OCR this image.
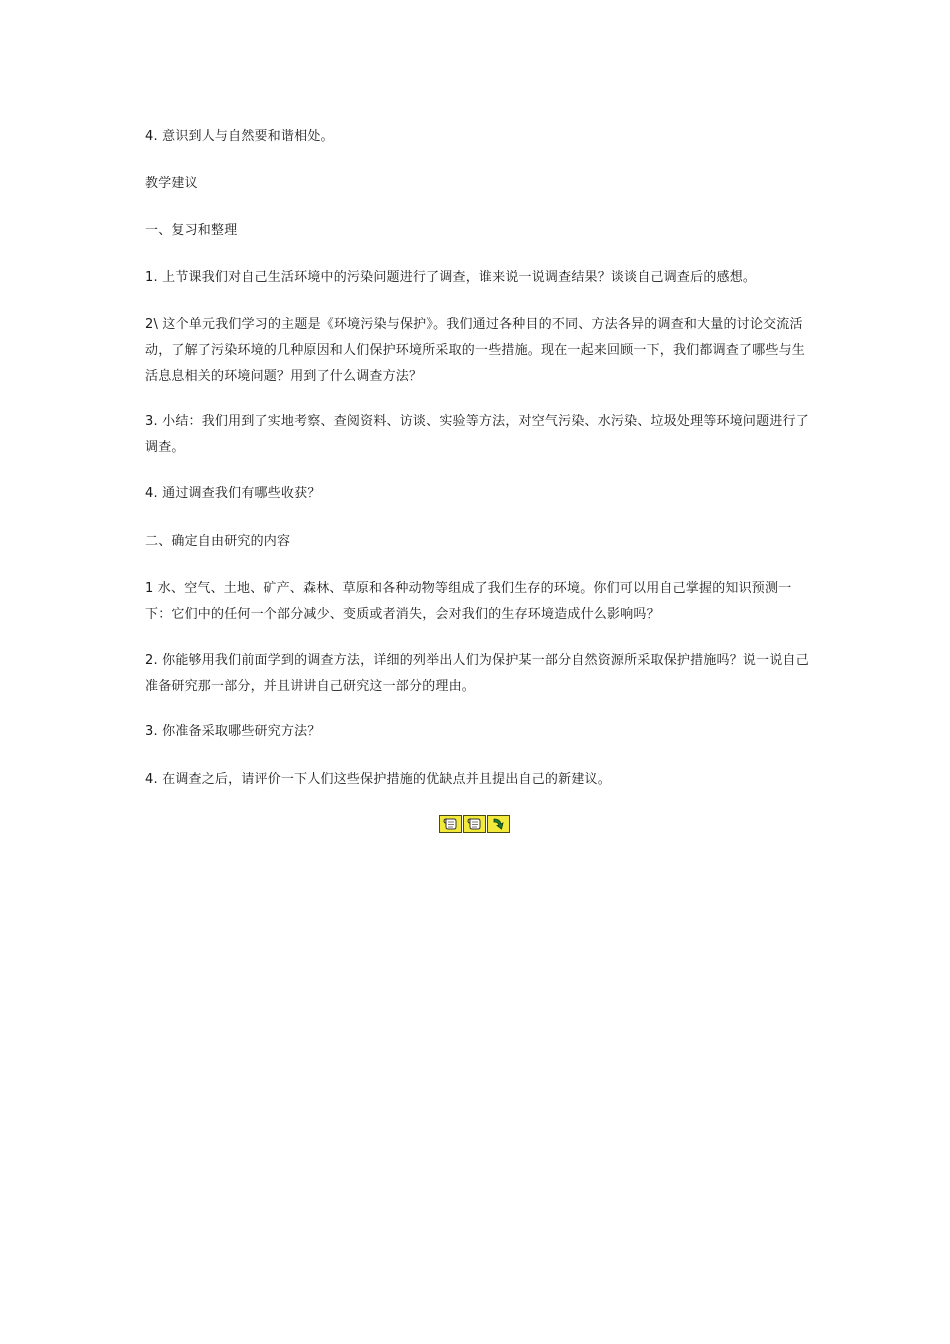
4. 意识到人与自然要和谐相处。

教学建议

一、复习和整理

1. 上节课我们对自己生活环境中的污染问题进行了调查，谁来说一说调查结果？谈谈自己调查后的感想。

2\ 这个单元我们学习的主题是《环境污染与保护》。我们通过各种目的不同、方法各异的调查和大量的讨论交流活动，了解了污染环境的几种原因和人们保护环境所采取的一些措施。现在一起来回顾一下，我们都调查了哪些与生活息息相关的环境问题？用到了什么调查方法？

3. 小结：我们用到了实地考察、查阅资料、访谈、实验等方法，对空气污染、水污染、垃圾处理等环境问题进行了调查。

4. 通过调查我们有哪些收获？

二、确定自由研究的内容

1 水、空气、土地、矿产、森林、草原和各种动物等组成了我们生存的环境。你们可以用自己掌握的知识预测一下：它们中的任何一个部分减少、变质或者消失，会对我们的生存环境造成什么影响吗？

2. 你能够用我们前面学到的调查方法，详细的列举出人们为保护某一部分自然资源所采取保护措施吗？说一说自己准备研究那一部分，并且讲讲自己研究这一部分的理由。

3. 你准备采取哪些研究方法？

4. 在调查之后，请评价一下人们这些保护措施的优缺点并且提出自己的新建议。
